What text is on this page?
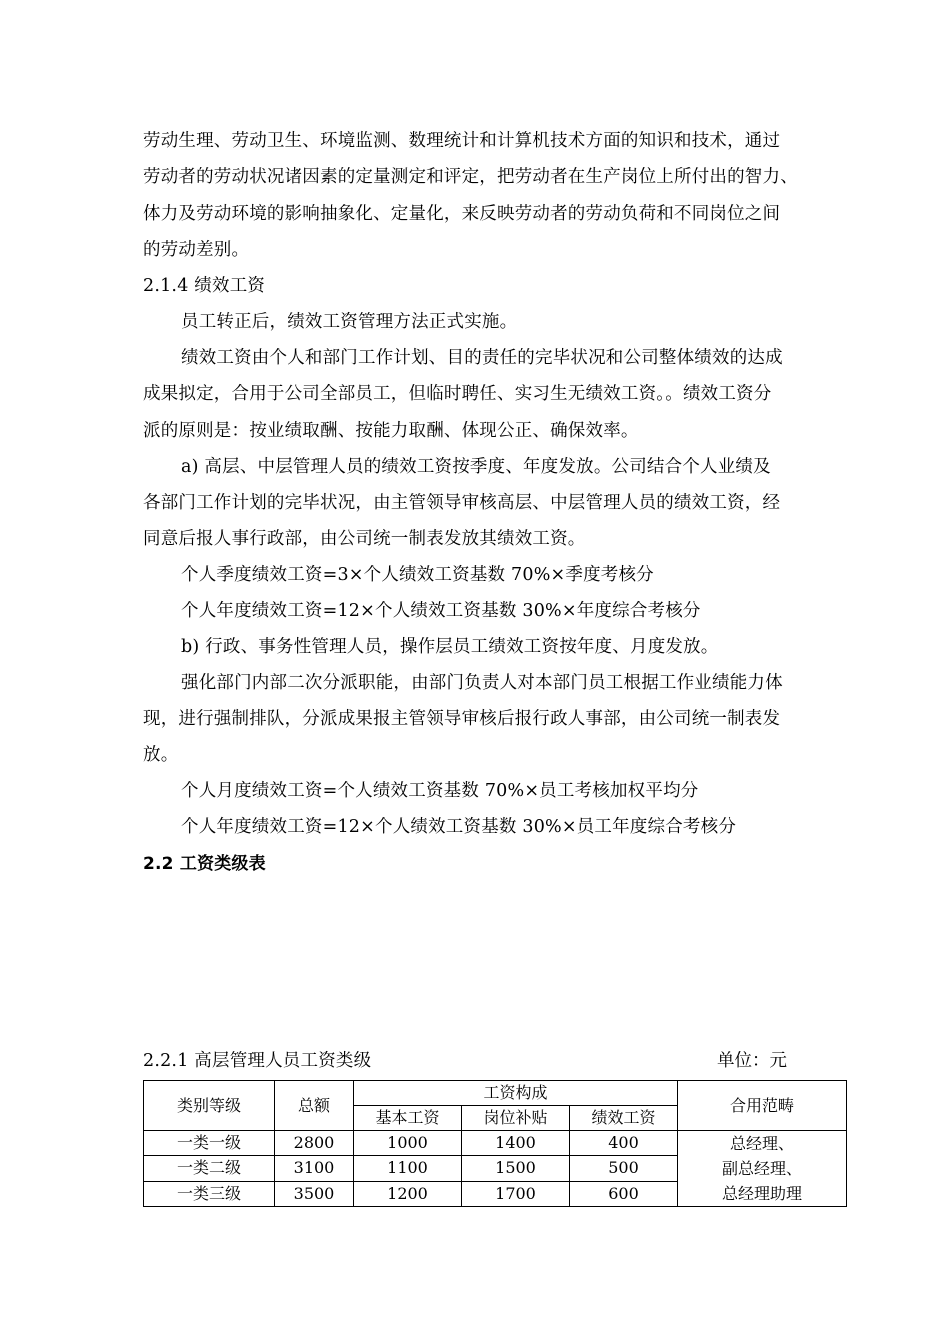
劳动生理、劳动卫生、环境监测、数理统计和计算机技术方面的知识和技术，通过
劳动者的劳动状况诸因素的定量测定和评定，把劳动者在生产岗位上所付出的智力、
体力及劳动环境的影响抽象化、定量化，来反映劳动者的劳动负荷和不同岗位之间
的劳动差别。
2.1.4 绩效工资
员工转正后，绩效工资管理方法正式实施。
绩效工资由个人和部门工作计划、目的责任的完毕状况和公司整体绩效的达成
成果拟定，合用于公司全部员工，但临时聘任、实习生无绩效工资。。绩效工资分
派的原则是：按业绩取酬、按能力取酬、体现公正、确保效率。
a) 高层、中层管理人员的绩效工资按季度、年度发放。公司结合个人业绩及
各部门工作计划的完毕状况，由主管领导审核高层、中层管理人员的绩效工资，经
同意后报人事行政部，由公司统一制表发放其绩效工资。
个人季度绩效工资=3×个人绩效工资基数 70%×季度考核分
个人年度绩效工资=12×个人绩效工资基数 30%×年度综合考核分
b) 行政、事务性管理人员，操作层员工绩效工资按年度、月度发放。
强化部门内部二次分派职能，由部门负责人对本部门员工根据工作业绩能力体
现，进行强制排队，分派成果报主管领导审核后报行政人事部，由公司统一制表发
放。
个人月度绩效工资=个人绩效工资基数 70%×员工考核加权平均分
个人年度绩效工资=12×个人绩效工资基数 30%×员工年度综合考核分
2.2 工资类级表
2.2.1 高层管理人员工资类级	单位：元
类别等级	总额	工资构成			合用范畴
		基本工资	岗位补贴	绩效工资	
一类一级	2800	1000	1400	400	总经理、
副总经理、
总经理助理

一类二级	3100	1100	1500	500	
一类三级	3500	1200	1700	600	
